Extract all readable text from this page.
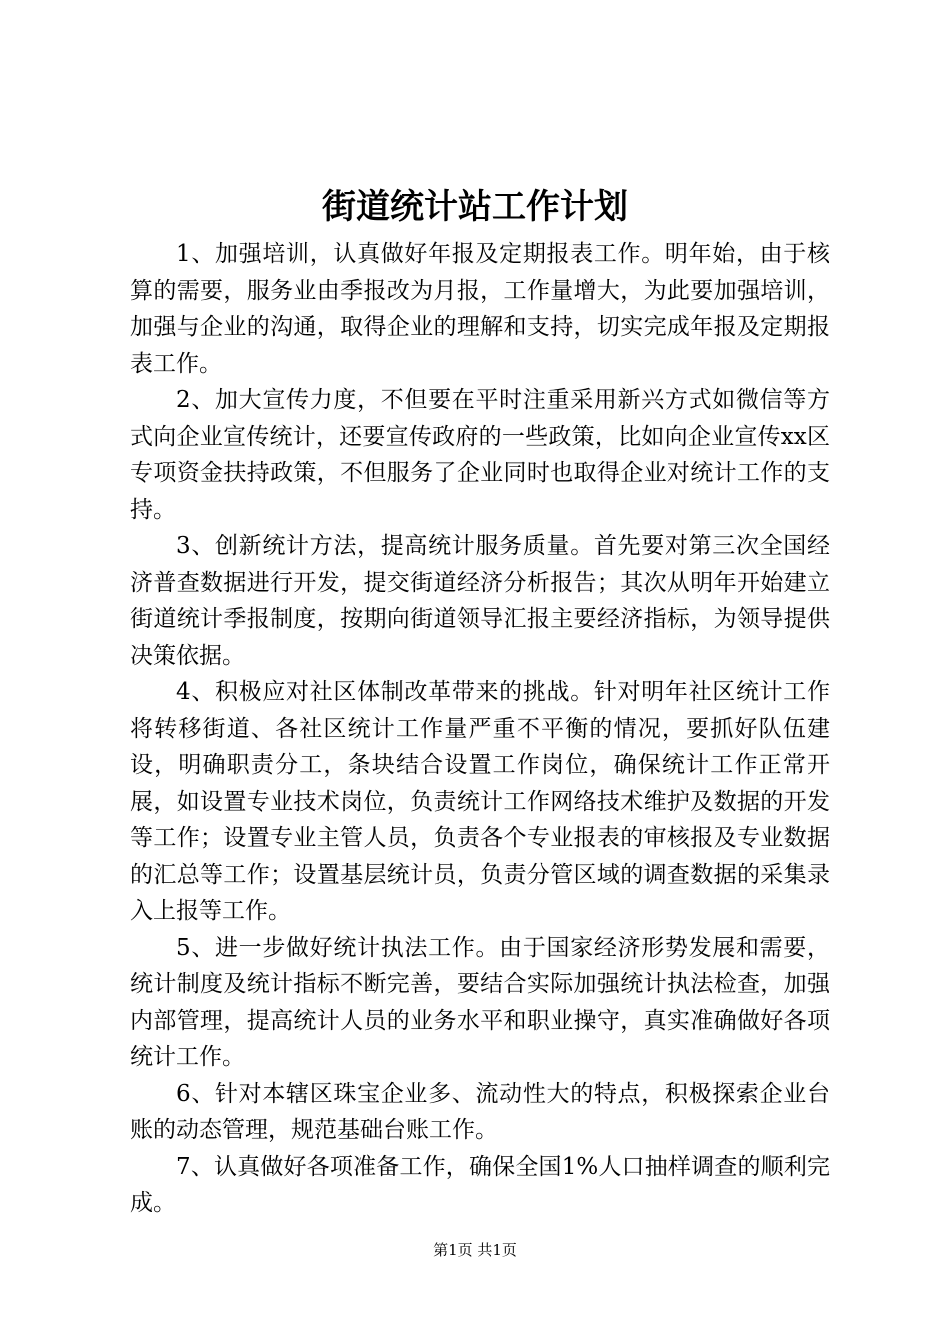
街道统计站工作计划

1、加强培训，认真做好年报及定期报表工作。明年始，由于核算的需要，服务业由季报改为月报，工作量增大，为此要加强培训，加强与企业的沟通，取得企业的理解和支持，切实完成年报及定期报表工作。

2、加大宣传力度，不但要在平时注重采用新兴方式如微信等方式向企业宣传统计，还要宣传政府的一些政策，比如向企业宣传xx区专项资金扶持政策，不但服务了企业同时也取得企业对统计工作的支持。

3、创新统计方法，提高统计服务质量。首先要对第三次全国经济普查数据进行开发，提交街道经济分析报告；其次从明年开始建立街道统计季报制度，按期向街道领导汇报主要经济指标，为领导提供决策依据。

4、积极应对社区体制改革带来的挑战。针对明年社区统计工作将转移街道、各社区统计工作量严重不平衡的情况，要抓好队伍建设，明确职责分工，条块结合设置工作岗位，确保统计工作正常开展，如设置专业技术岗位，负责统计工作网络技术维护及数据的开发等工作；设置专业主管人员，负责各个专业报表的审核报及专业数据的汇总等工作；设置基层统计员，负责分管区域的调查数据的采集录入上报等工作。

5、进一步做好统计执法工作。由于国家经济形势发展和需要，统计制度及统计指标不断完善，要结合实际加强统计执法检查，加强内部管理，提高统计人员的业务水平和职业操守，真实准确做好各项统计工作。

6、针对本辖区珠宝企业多、流动性大的特点，积极探索企业台账的动态管理，规范基础台账工作。

7、认真做好各项准备工作，确保全国1%人口抽样调查的顺利完成。

第1页 共1页
